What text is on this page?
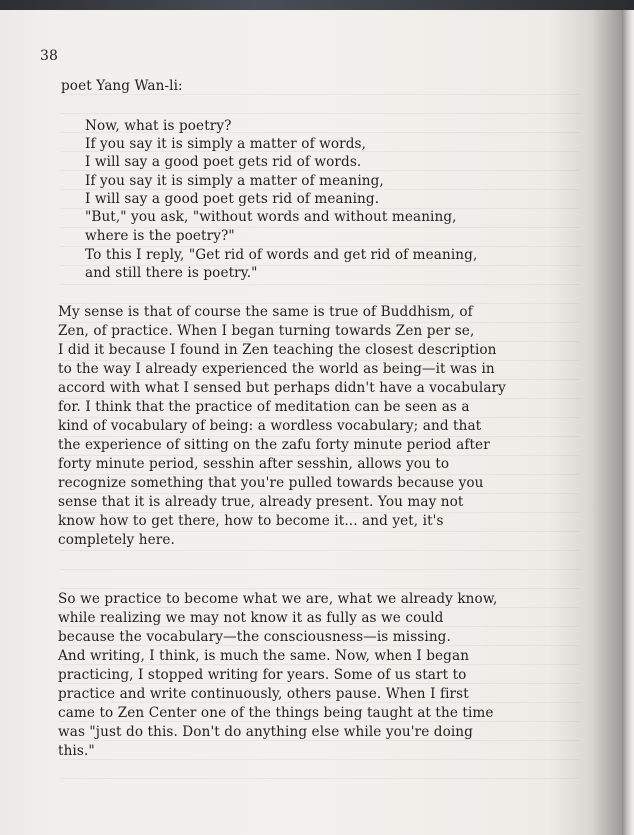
38
poet Yang Wan-li:
Now, what is poetry?
If you say it is simply a matter of words,
I will say a good poet gets rid of words.
If you say it is simply a matter of meaning,
I will say a good poet gets rid of meaning.
"But," you ask, "without words and without meaning,
where is the poetry?"
To this I reply, "Get rid of words and get rid of meaning,
and still there is poetry."
My sense is that of course the same is true of Buddhism, of
Zen, of practice. When I began turning towards Zen per se,
I did it because I found in Zen teaching the closest description
to the way I already experienced the world as being—it was in
accord with what I sensed but perhaps didn't have a vocabulary
for. I think that the practice of meditation can be seen as a
kind of vocabulary of being: a wordless vocabulary; and that
the experience of sitting on the zafu forty minute period after
forty minute period, sesshin after sesshin, allows you to
recognize something that you're pulled towards because you
sense that it is already true, already present. You may not
know how to get there, how to become it... and yet, it's
completely here.
So we practice to become what we are, what we already know,
while realizing we may not know it as fully as we could
because the vocabulary—the consciousness—is missing.
And writing, I think, is much the same. Now, when I began
practicing, I stopped writing for years. Some of us start to
practice and write continuously, others pause. When I first
came to Zen Center one of the things being taught at the time
was "just do this. Don't do anything else while you're doing
this."
